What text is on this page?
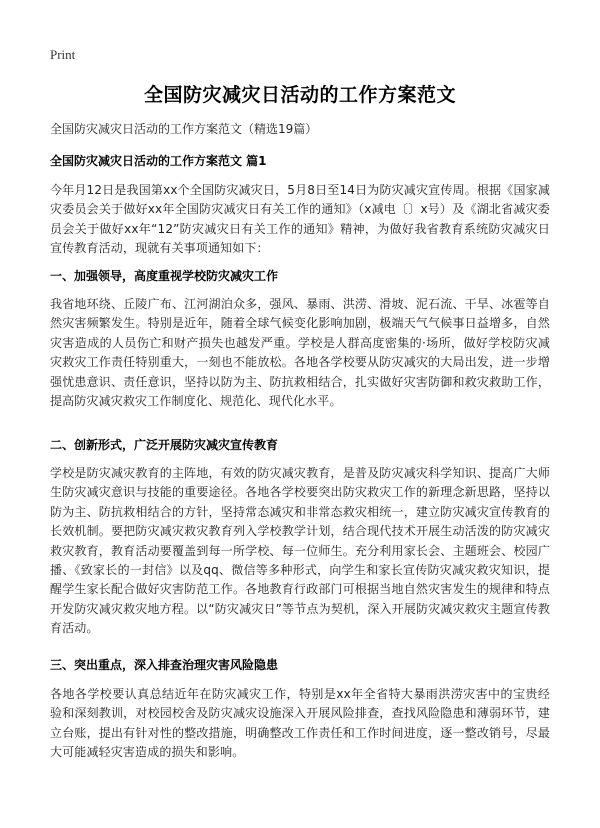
Print
全国防灾减灾日活动的工作方案范文
全国防灾减灾日活动的工作方案范文（精选19篇）
全国防灾减灾日活动的工作方案范文 篇1
今年月12日是我国第xx个全国防灾减灾日，5月8日至14日为防灾减灾宣传周。根据《国家减灾委员会关于做好xx年全国防灾减灾日有关工作的通知》（x减电〔〕x号）及《湖北省减灾委员会关于做好xx年“12”防灾减灾日有关工作的通知》精神，为做好我省教育系统防灾减灾日宣传教育活动，现就有关事项通知如下：
一、加强领导，高度重视学校防灾减灾工作
我省地环绕、丘陵广布、江河湖泊众多，强风、暴雨、洪涝、滑坡、泥石流、干旱、冰雹等自然灾害频繁发生。特别是近年，随着全球气候变化影响加剧，极端天气气候事日益增多，自然灾害造成的人员伤亡和财产损失也越发严重。学校是人群高度密集的·场所，做好学校防灾减灾救灾工作责任特别重大，一刻也不能放松。各地各学校要从防灾减灾的大局出发，进一步增强忧患意识、责任意识，坚持以防为主、防抗救相结合，扎实做好灾害防御和救灾救助工作，提高防灾减灾救灾工作制度化、规范化、现代化水平。
二、创新形式，广泛开展防灾减灾宣传教育
学校是防灾减灾教育的主阵地，有效的防灾减灾教育，是普及防灾减灾科学知识、提高广大师生防灾减灾意识与技能的重要途径。各地各学校要突出防灾救灾工作的新理念新思路，坚持以防为主、防抗救相结合的方针，坚持常态减灾和非常态救灾相统一，建立防灾减灾宣传教育的长效机制。要把防灾减灾救灾教育列入学校教学计划，结合现代技术开展生动活泼的防灾减灾救灾教育，教育活动要覆盖到每一所学校、每一位师生。充分利用家长会、主题班会、校园广播、《致家长的一封信》以及qq、微信等多种形式，向学生和家长宣传防灾减灾救灾知识，提醒学生家长配合做好灾害防范工作。各地教育行政部门可根据当地自然灾害发生的规律和特点开发防灾减灾救灾地方程。以“防灾减灾日”等节点为契机，深入开展防灾减灾救灾主题宣传教育活动。
三、突出重点，深入排查治理灾害风险隐患
各地各学校要认真总结近年在防灾减灾工作，特别是xx年全省特大暴雨洪涝灾害中的宝贵经验和深刻教训，对校园校舍及防灾减灾设施深入开展风险排查，查找风险隐患和薄弱环节，建立台账，提出有针对性的整改措施，明确整改工作责任和工作时间进度，逐一整改销号，尽最大可能减轻灾害造成的损失和影响。
